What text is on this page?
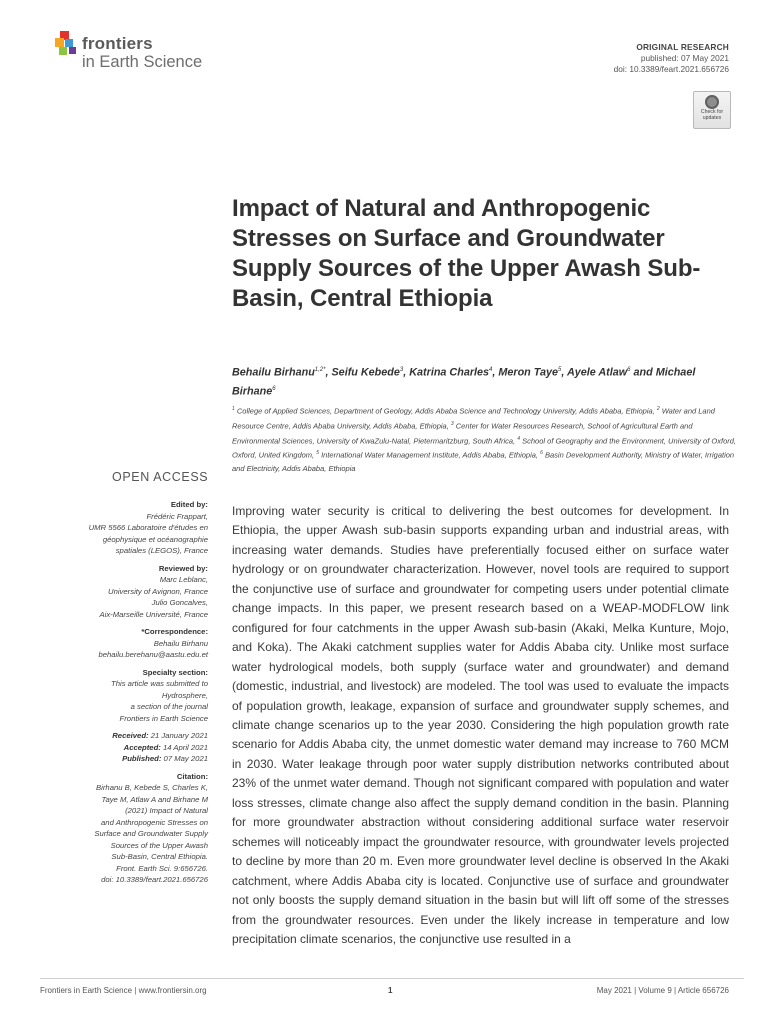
frontiers
in Earth Science
ORIGINAL RESEARCH
published: 07 May 2021
doi: 10.3389/feart.2021.656726
Check for updates
Impact of Natural and Anthropogenic Stresses on Surface and Groundwater Supply Sources of the Upper Awash Sub-Basin, Central Ethiopia
Behailu Birhanu$^{1,2*}$, Seifu Kebede$^3$, Katrina Charles$^4$, Meron Taye$^5$, Ayele Atlaw$^6$ and Michael Birhane$^6$
$^1$ College of Applied Sciences, Department of Geology, Addis Ababa Science and Technology University, Addis Ababa, Ethiopia, $^2$ Water and Land Resource Centre, Addis Ababa University, Addis Ababa, Ethiopia, $^3$ Center for Water Resources Research, School of Agricultural Earth and Environmental Sciences, University of KwaZulu-Natal, Pietermaritzburg, South Africa, $^4$ School of Geography and the Environment, University of Oxford, Oxford, United Kingdom, $^5$ International Water Management Institute, Addis Ababa, Ethiopia, $^6$ Basin Development Authority, Ministry of Water, Irrigation and Electricity, Addis Ababa, Ethiopia
OPEN ACCESS
Edited by:
Frédéric Frappart,
UMR 5566 Laboratoire d'études en
géophysique et océanographie
spatiales (LEGOS), France
Reviewed by:
Marc Leblanc,
University of Avignon, France
Julio Goncalves,
Aix-Marseille Université, France
*Correspondence:
Behailu Birhanu
behailu.berehanu@aastu.edu.et
Specialty section:
This article was submitted to
Hydrosphere,
a section of the journal
Frontiers in Earth Science
Received: 21 January 2021
Accepted: 14 April 2021
Published: 07 May 2021
Citation:
Birhanu B, Kebede S, Charles K,
Taye M, Atlaw A and Birhane M
(2021) Impact of Natural
and Anthropogenic Stresses on
Surface and Groundwater Supply
Sources of the Upper Awash
Sub-Basin, Central Ethiopia.
Front. Earth Sci. 9:656726.
doi: 10.3389/feart.2021.656726
Improving water security is critical to delivering the best outcomes for development. In Ethiopia, the upper Awash sub-basin supports expanding urban and industrial areas, with increasing water demands. Studies have preferentially focused either on surface water hydrology or on groundwater characterization. However, novel tools are required to support the conjunctive use of surface and groundwater for competing users under potential climate change impacts. In this paper, we present research based on a WEAP-MODFLOW link configured for four catchments in the upper Awash sub-basin (Akaki, Melka Kunture, Mojo, and Koka). The Akaki catchment supplies water for Addis Ababa city. Unlike most surface water hydrological models, both supply (surface water and groundwater) and demand (domestic, industrial, and livestock) are modeled. The tool was used to evaluate the impacts of population growth, leakage, expansion of surface and groundwater supply schemes, and climate change scenarios up to the year 2030. Considering the high population growth rate scenario for Addis Ababa city, the unmet domestic water demand may increase to 760 MCM in 2030. Water leakage through poor water supply distribution networks contributed about 23% of the unmet water demand. Though not significant compared with population and water loss stresses, climate change also affect the supply demand condition in the basin. Planning for more groundwater abstraction without considering additional surface water reservoir schemes will noticeably impact the groundwater resource, with groundwater levels projected to decline by more than 20 m. Even more groundwater level decline is observed In the Akaki catchment, where Addis Ababa city is located. Conjunctive use of surface and groundwater not only boosts the supply demand situation in the basin but will lift off some of the stresses from the groundwater resources. Even under the likely increase in temperature and low precipitation climate scenarios, the conjunctive use resulted in a
Frontiers in Earth Science | www.frontiersin.org	1	May 2021 | Volume 9 | Article 656726
